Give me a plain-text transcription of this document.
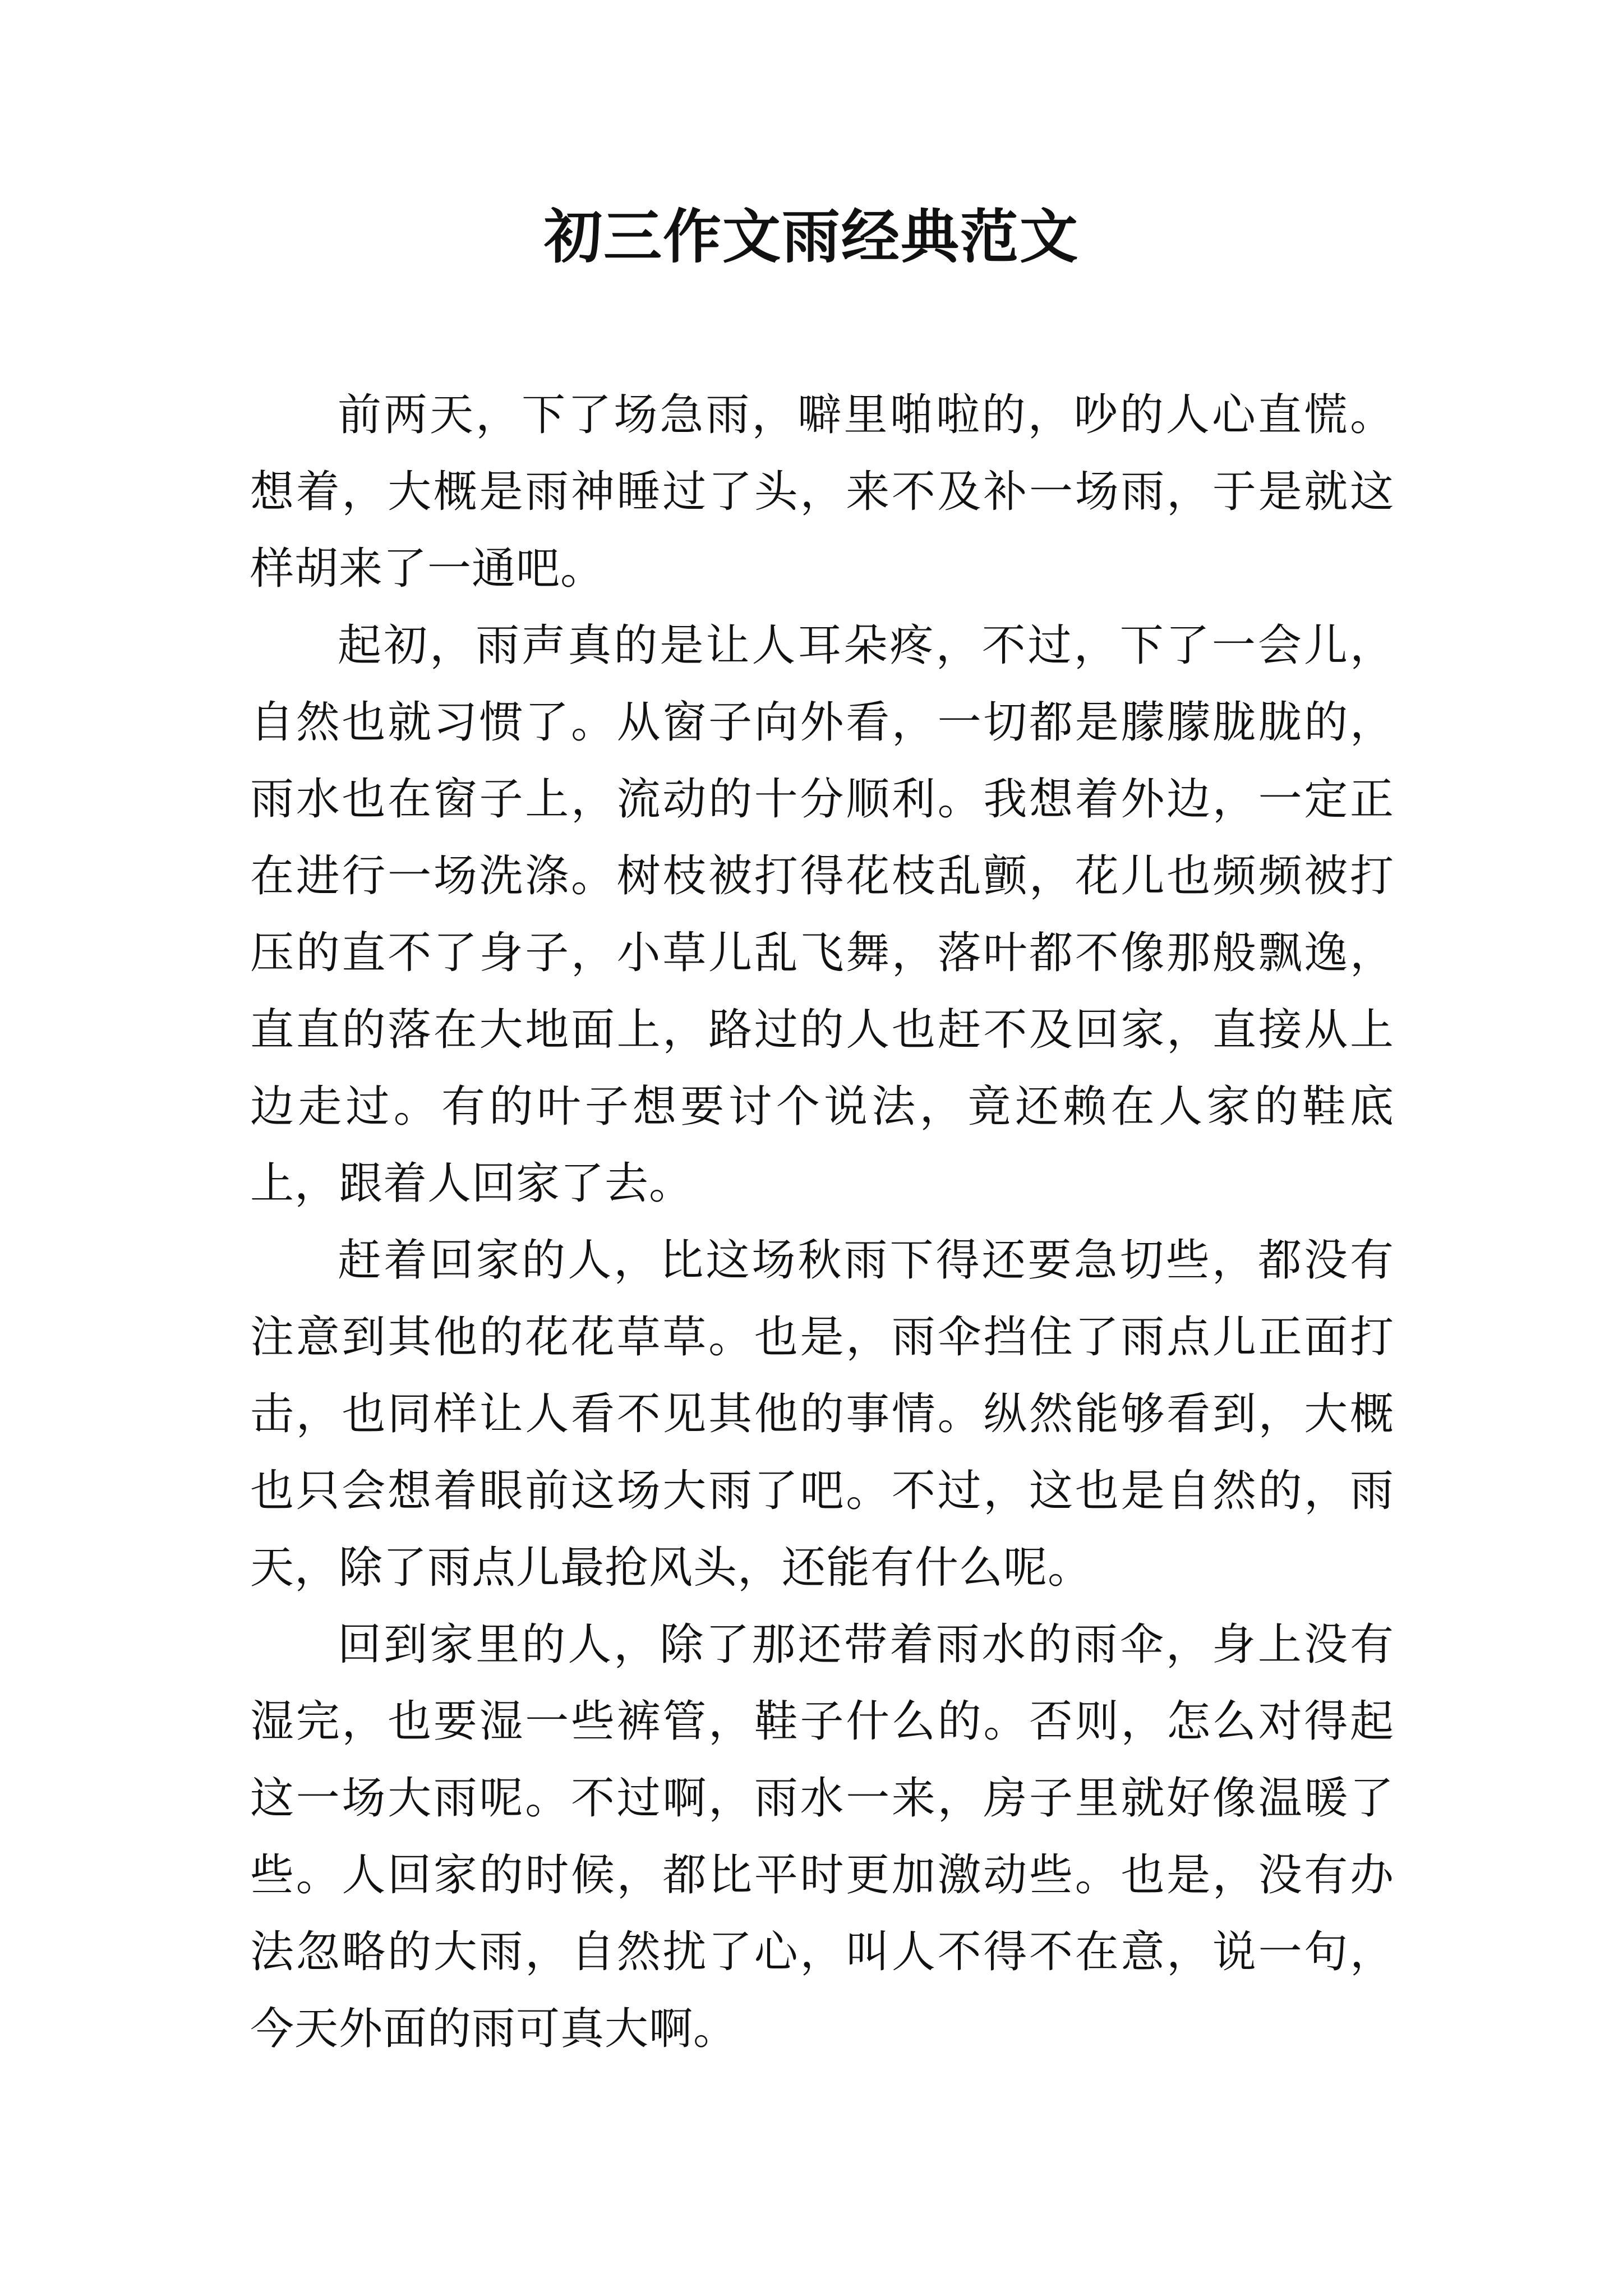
初三作文雨经典范文

前两天，下了场急雨，噼里啪啦的，吵的人心直慌。想着，大概是雨神睡过了头，来不及补一场雨，于是就这样胡来了一通吧。

起初，雨声真的是让人耳朵疼，不过，下了一会儿，自然也就习惯了。从窗子向外看，一切都是朦朦胧胧的，雨水也在窗子上，流动的十分顺利。我想着外边，一定正在进行一场洗涤。树枝被打得花枝乱颤，花儿也频频被打压的直不了身子，小草儿乱飞舞，落叶都不像那般飘逸，直直的落在大地面上，路过的人也赶不及回家，直接从上边走过。有的叶子想要讨个说法，竟还赖在人家的鞋底上，跟着人回家了去。

赶着回家的人，比这场秋雨下得还要急切些，都没有注意到其他的花花草草。也是，雨伞挡住了雨点儿正面打击，也同样让人看不见其他的事情。纵然能够看到，大概也只会想着眼前这场大雨了吧。不过，这也是自然的，雨天，除了雨点儿最抢风头，还能有什么呢。

回到家里的人，除了那还带着雨水的雨伞，身上没有湿完，也要湿一些裤管，鞋子什么的。否则，怎么对得起这一场大雨呢。不过啊，雨水一来，房子里就好像温暖了些。人回家的时候，都比平时更加激动些。也是，没有办法忽略的大雨，自然扰了心，叫人不得不在意，说一句，今天外面的雨可真大啊。
